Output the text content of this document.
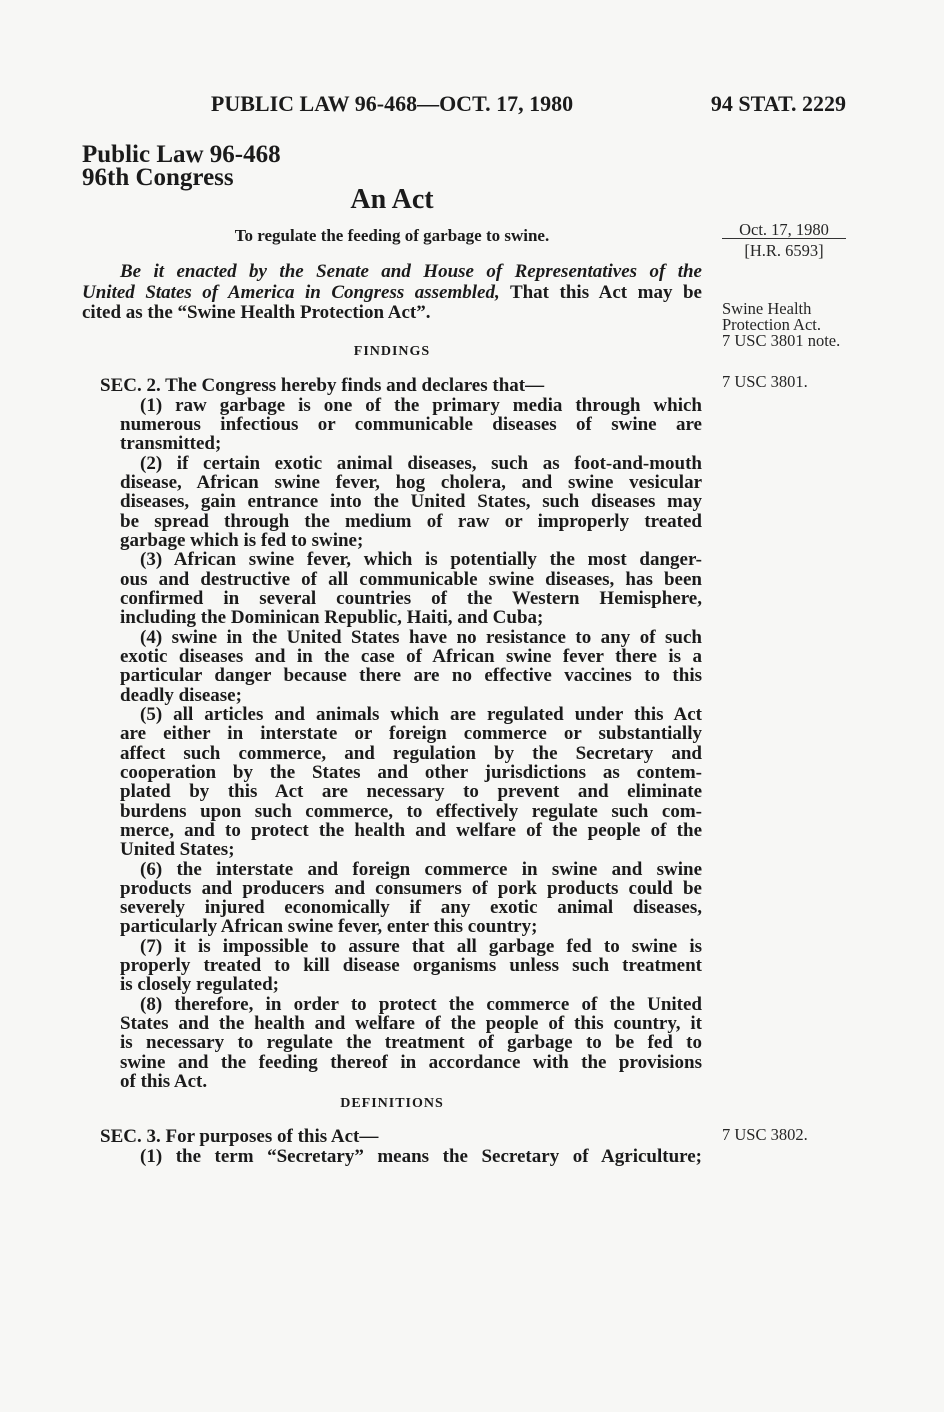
PUBLIC LAW 96-468—OCT. 17, 1980	94 STAT. 2229
Public Law 96-468
96th Congress
An Act
To regulate the feeding of garbage to swine.	Oct. 17, 1980
[H.R. 6593]
Swine Health
Protection Act.
7 USC 3801 note.
7 USC 3801.
7 USC 3802.
Be it enacted by the Senate and House of Representatives of the
United States of America in Congress assembled, That this Act may be
cited as the “Swine Health Protection Act”.
FINDINGS
SEC. 2. The Congress hereby finds and declares that—
(1) raw garbage is one of the primary media through which
numerous infectious or communicable diseases of swine are
transmitted;
(2) if certain exotic animal diseases, such as foot-and-mouth
disease, African swine fever, hog cholera, and swine vesicular
diseases, gain entrance into the United States, such diseases may
be spread through the medium of raw or improperly treated
garbage which is fed to swine;
(3) African swine fever, which is potentially the most danger-
ous and destructive of all communicable swine diseases, has been
confirmed in several countries of the Western Hemisphere,
including the Dominican Republic, Haiti, and Cuba;
(4) swine in the United States have no resistance to any of such
exotic diseases and in the case of African swine fever there is a
particular danger because there are no effective vaccines to this
deadly disease;
(5) all articles and animals which are regulated under this Act
are either in interstate or foreign commerce or substantially
affect such commerce, and regulation by the Secretary and
cooperation by the States and other jurisdictions as contem-
plated by this Act are necessary to prevent and eliminate
burdens upon such commerce, to effectively regulate such com-
merce, and to protect the health and welfare of the people of the
United States;
(6) the interstate and foreign commerce in swine and swine
products and producers and consumers of pork products could be
severely injured economically if any exotic animal diseases,
particularly African swine fever, enter this country;
(7) it is impossible to assure that all garbage fed to swine is
properly treated to kill disease organisms unless such treatment
is closely regulated;
(8) therefore, in order to protect the commerce of the United
States and the health and welfare of the people of this country, it
is necessary to regulate the treatment of garbage to be fed to
swine and the feeding thereof in accordance with the provisions
of this Act.
DEFINITIONS
SEC. 3. For purposes of this Act—
(1) the term “Secretary” means the Secretary of Agriculture;
